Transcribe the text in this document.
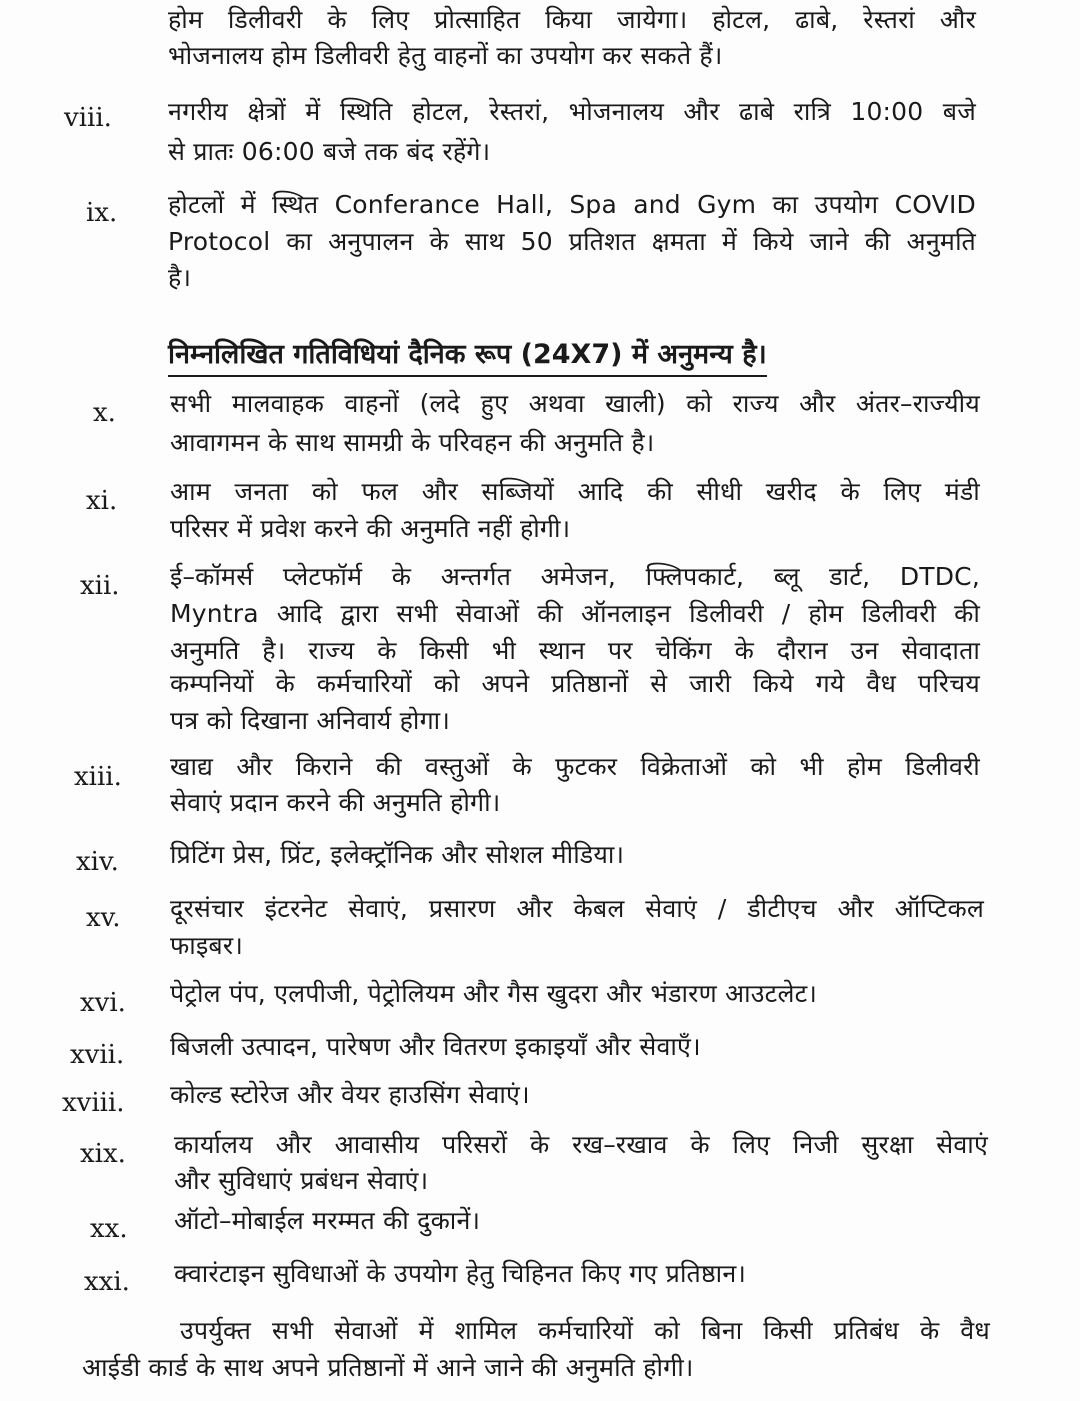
होम डिलीवरी के लिए प्रोत्साहित किया जायेगा। होटल, ढाबे, रेस्तरां और
भोजनालय होम डिलीवरी हेतु वाहनों का उपयोग कर सकते हैं।
viii. नगरीय क्षेत्रों में स्थिति होटल, रेस्तरां, भोजनालय और ढाबे रात्रि 10:00 बजे
से प्रातः 06:00 बजे तक बंद रहेंगे।
ix. होटलों में स्थित Conferance Hall, Spa and Gym का उपयोग COVID
Protocol का अनुपालन के साथ 50 प्रतिशत क्षमता में किये जाने की अनुमति
है।
निम्नलिखित गतिविधियां दैनिक रूप (24X7) में अनुमन्य है।
x. सभी मालवाहक वाहनों (लदे हुए अथवा खाली) को राज्य और अंतर–राज्यीय
आवागमन के साथ सामग्री के परिवहन की अनुमति है।
xi. आम जनता को फल और सब्जियों आदि की सीधी खरीद के लिए मंडी
परिसर में प्रवेश करने की अनुमति नहीं होगी।
xii. ई–कॉमर्स प्लेटफॉर्म के अन्तर्गत अमेजन, फ्लिपकार्ट, ब्लू डार्ट, DTDC,
Myntra आदि द्वारा सभी सेवाओं की ऑनलाइन डिलीवरी / होम डिलीवरी की
अनुमति है। राज्य के किसी भी स्थान पर चेकिंग के दौरान उन सेवादाता
कम्पनियों के कर्मचारियों को अपने प्रतिष्ठानों से जारी किये गये वैध परिचय
पत्र को दिखाना अनिवार्य होगा।
xiii. खाद्य और किराने की वस्तुओं के फुटकर विक्रेताओं को भी होम डिलीवरी
सेवाएं प्रदान करने की अनुमति होगी।
xiv. प्रिटिंग प्रेस, प्रिंट, इलेक्ट्रॉनिक और सोशल मीडिया।
xv. दूरसंचार इंटरनेट सेवाएं, प्रसारण और केबल सेवाएं / डीटीएच और ऑप्टिकल
फाइबर।
xvi. पेट्रोल पंप, एलपीजी, पेट्रोलियम और गैस खुदरा और भंडारण आउटलेट।
xvii. बिजली उत्पादन, पारेषण और वितरण इकाइयाँ और सेवाएँ।
xviii. कोल्ड स्टोरेज और वेयर हाउसिंग सेवाएं।
xix. कार्यालय और आवासीय परिसरों के रख–रखाव के लिए निजी सुरक्षा सेवाएं
और सुविधाएं प्रबंधन सेवाएं।
xx. ऑटो–मोबाईल मरम्मत की दुकानें।
xxi. क्वारंटाइन सुविधाओं के उपयोग हेतु चिहिनत किए गए प्रतिष्ठान।
उपर्युक्त सभी सेवाओं में शामिल कर्मचारियों को बिना किसी प्रतिबंध के वैध
आईडी कार्ड के साथ अपने प्रतिष्ठानों में आने जाने की अनुमति होगी।
